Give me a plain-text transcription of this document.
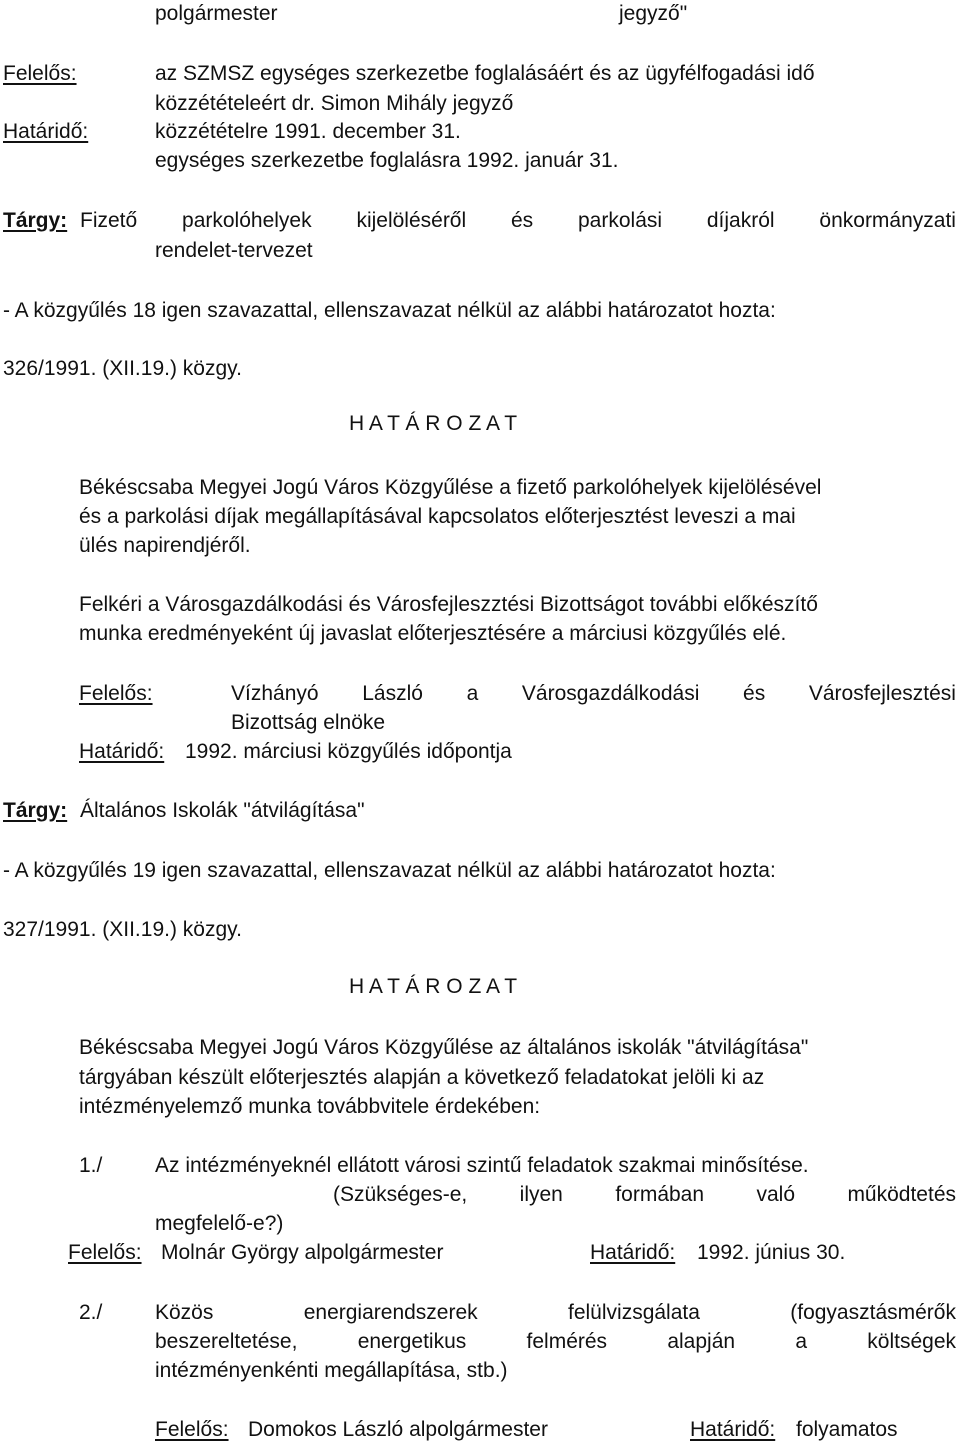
polgármester	jegyző"
Felelős:	az SZMSZ egységes szerkezetbe foglalásáért és az ügyfélfogadási idő
közzétételeért dr. Simon Mihály jegyző
Határidő:	közzétételre 1991. december 31.
egységes szerkezetbe foglalásra 1992. január 31.
Tárgy: Fizető parkolóhelyek kijelöléséről és parkolási díjakról önkormányzati
rendelet-tervezet
- A közgyűlés 18 igen szavazattal, ellenszavazat nélkül az alábbi határozatot hozta:
326/1991. (XII.19.) közgy.
H A T Á R O Z A T
Békéscsaba Megyei Jogú Város Közgyűlése a fizető parkolóhelyek kijelölésével
és a parkolási díjak megállapításával kapcsolatos előterjesztést leveszi a mai
ülés napirendjéről.
Felkéri a Városgazdálkodási és Városfejleszztési Bizottságot további előkészítő
munka eredményeként új javaslat előterjesztésére a márciusi közgyűlés elé.
Felelős:	Vízhányó László a Városgazdálkodási és Városfejlesztési
Bizottság elnöke
Határidő: 1992. márciusi közgyűlés időpontja
Tárgy: Általános Iskolák "átvilágítása"
- A közgyűlés 19 igen szavazattal, ellenszavazat nélkül az alábbi határozatot hozta:
327/1991. (XII.19.) közgy.
H A T Á R O Z A T
Békéscsaba Megyei Jogú Város Közgyűlése az általános iskolák "átvilágítása"
tárgyában készült előterjesztés alapján a következő feladatokat jelöli ki az
intézményelemző munka továbbvitele érdekében:
1./	Az intézményeknél ellátott városi szintű feladatok szakmai minősítése.
(Szükséges-e, ilyen formában való működtetés
megfelelő-e?)
Felelős: Molnár György alpolgármester	Határidő: 1992. június 30.
2./	Közös	energiarendszerek	felülvizsgálata	(fogyasztásmérők
beszereltetése,	energetikus	felmérés	alapján	a	költségek
intézményenkénti megállapítása, stb.)
Felelős: Domokos László alpolgármester	Határidő: folyamatos
